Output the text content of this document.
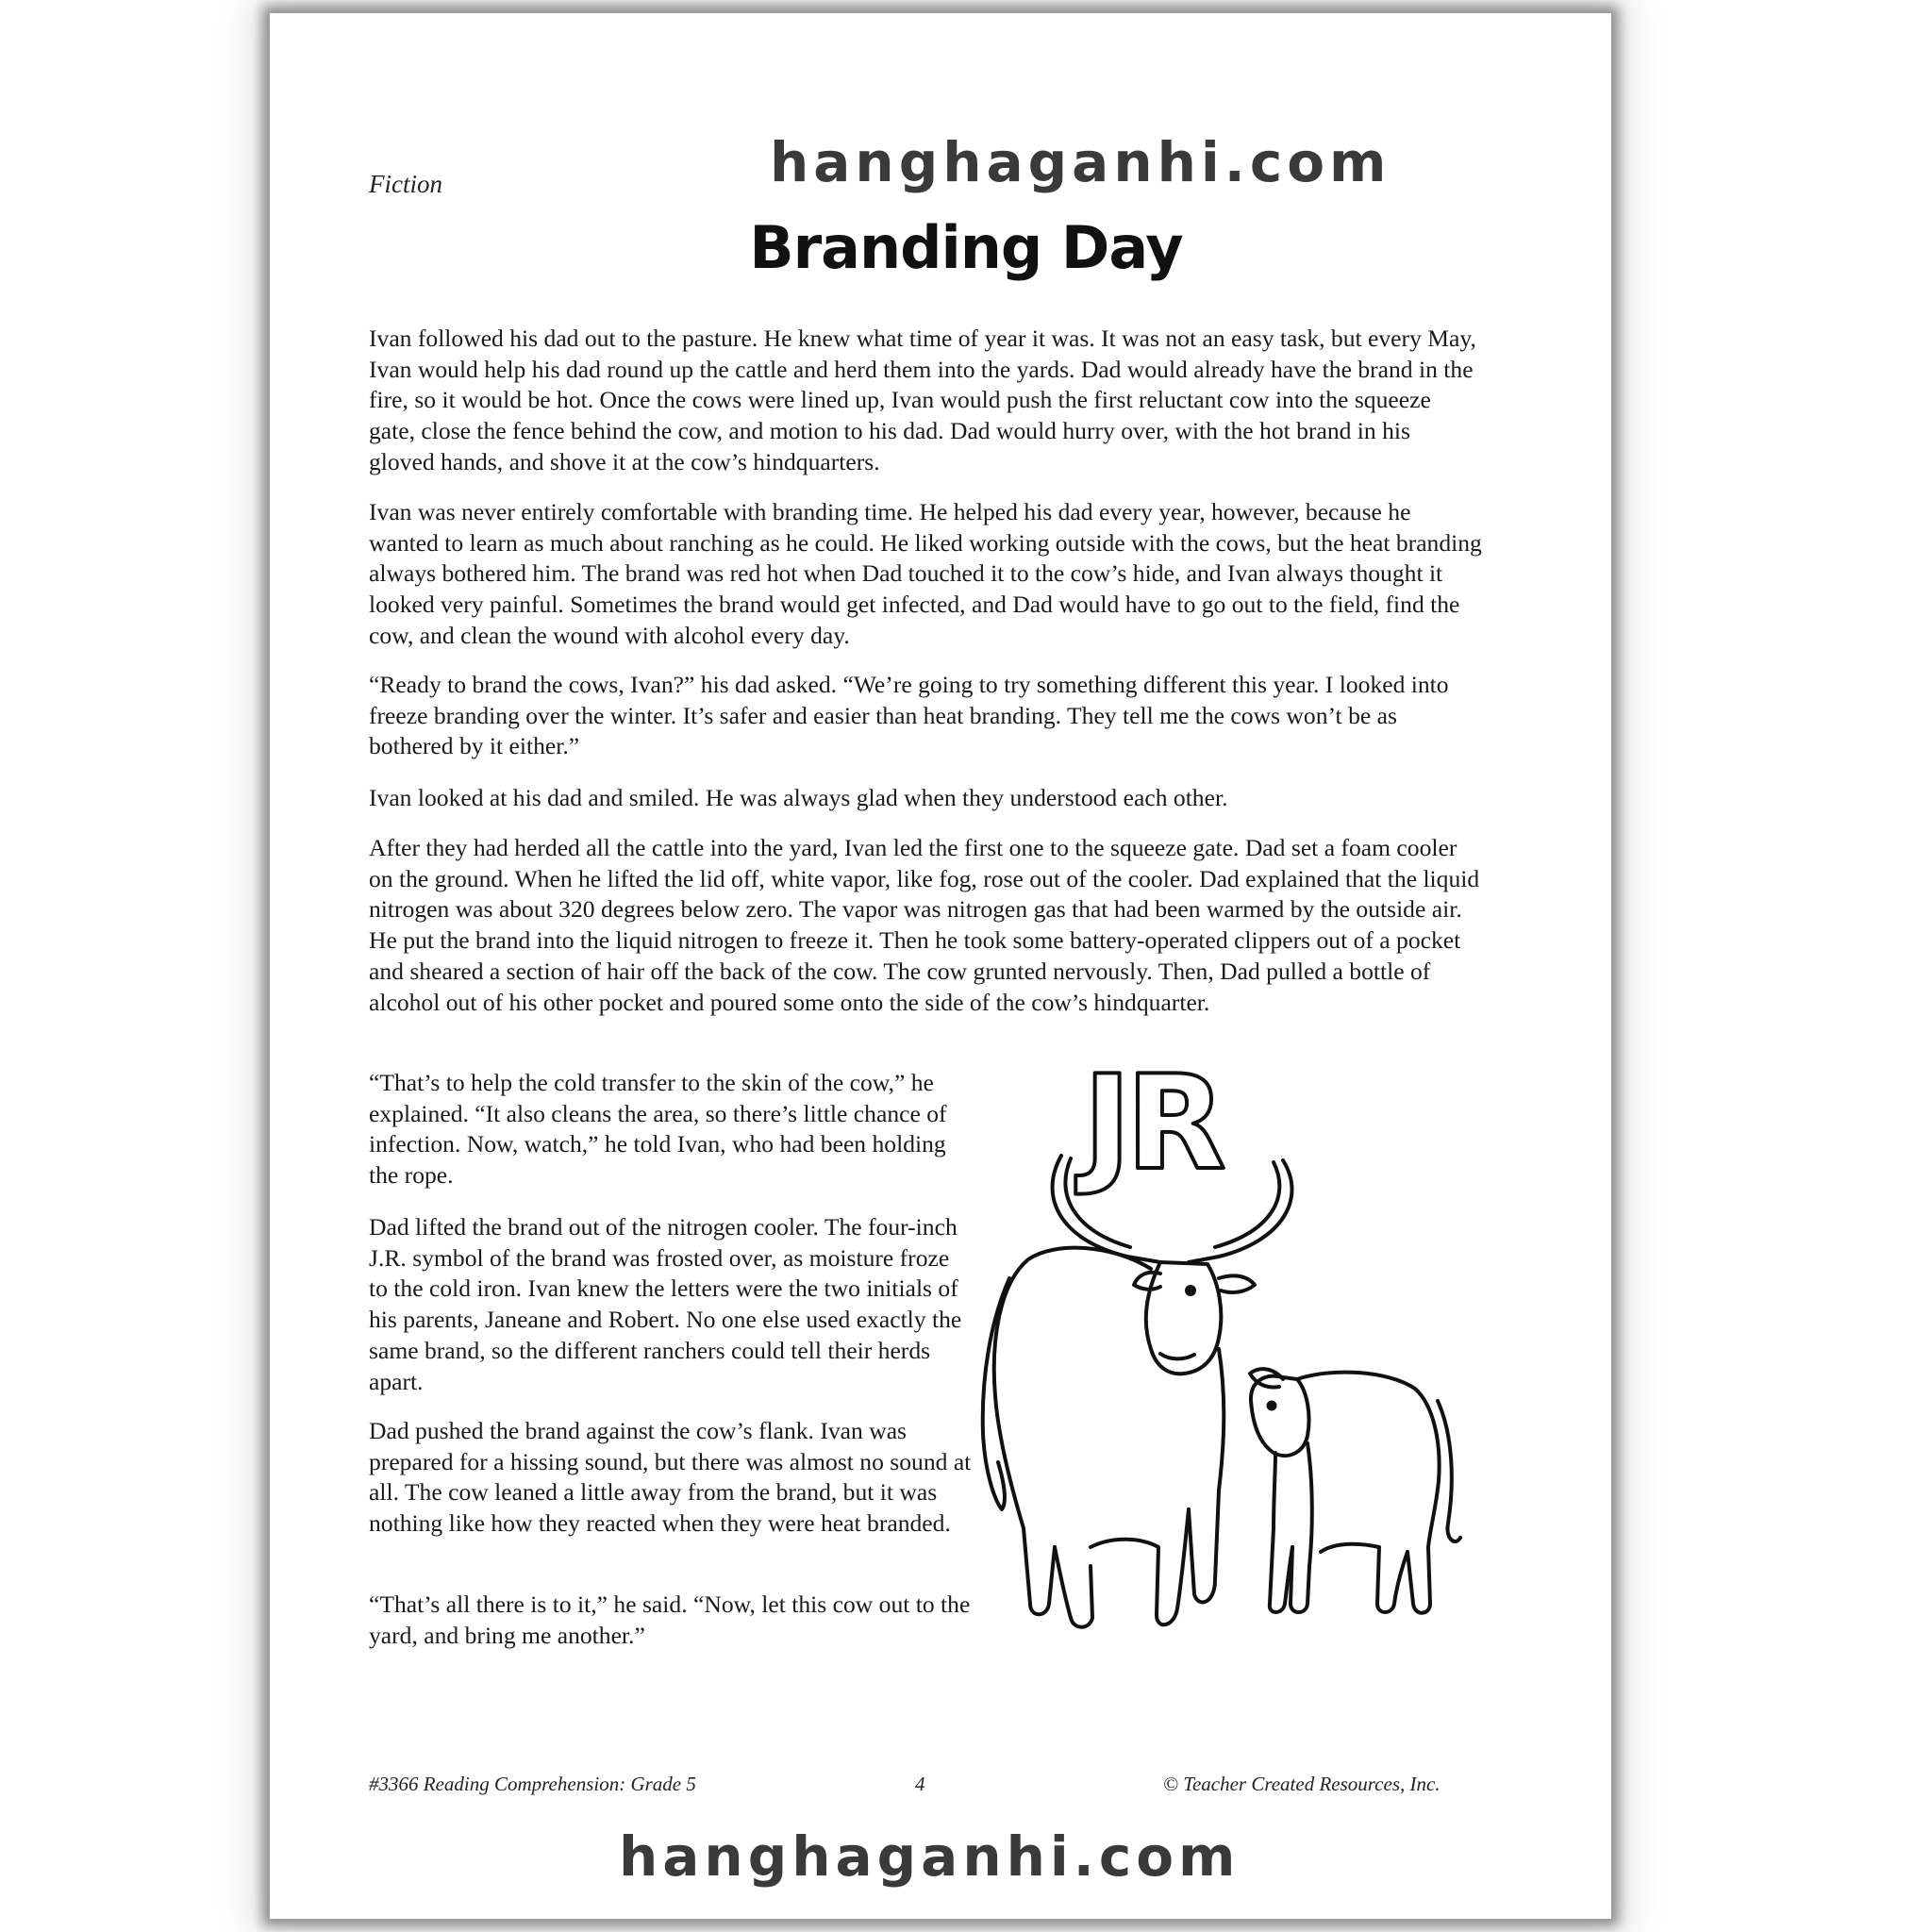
hanghaganhi.com
Fiction
Branding Day

Ivan followed his dad out to the pasture. He knew what time of year it was. It was not an easy task, but every May, Ivan would help his dad round up the cattle and herd them into the yards. Dad would already have the brand in the fire, so it would be hot. Once the cows were lined up, Ivan would push the first reluctant cow into the squeeze gate, close the fence behind the cow, and motion to his dad. Dad would hurry over, with the hot brand in his gloved hands, and shove it at the cow’s hindquarters.

Ivan was never entirely comfortable with branding time. He helped his dad every year, however, because he wanted to learn as much about ranching as he could. He liked working outside with the cows, but the heat branding always bothered him. The brand was red hot when Dad touched it to the cow’s hide, and Ivan always thought it looked very painful. Sometimes the brand would get infected, and Dad would have to go out to the field, find the cow, and clean the wound with alcohol every day.

“Ready to brand the cows, Ivan?” his dad asked. “We’re going to try something different this year. I looked into freeze branding over the winter. It’s safer and easier than heat branding. They tell me the cows won’t be as bothered by it either.”

Ivan looked at his dad and smiled. He was always glad when they understood each other.

After they had herded all the cattle into the yard, Ivan led the first one to the squeeze gate. Dad set a foam cooler on the ground. When he lifted the lid off, white vapor, like fog, rose out of the cooler. Dad explained that the liquid nitrogen was about 320 degrees below zero. The vapor was nitrogen gas that had been warmed by the outside air. He put the brand into the liquid nitrogen to freeze it. Then he took some battery-operated clippers out of a pocket and sheared a section of hair off the back of the cow. The cow grunted nervously. Then, Dad pulled a bottle of alcohol out of his other pocket and poured some onto the side of the cow’s hindquarter.

“That’s to help the cold transfer to the skin of the cow,” he explained. “It also cleans the area, so there’s little chance of infection. Now, watch,” he told Ivan, who had been holding the rope.

Dad lifted the brand out of the nitrogen cooler. The four-inch J.R. symbol of the brand was frosted over, as moisture froze to the cold iron. Ivan knew the letters were the two initials of his parents, Janeane and Robert. No one else used exactly the same brand, so the different ranchers could tell their herds apart.

Dad pushed the brand against the cow’s flank. Ivan was prepared for a hissing sound, but there was almost no sound at all. The cow leaned a little away from the brand, but it was nothing like how they reacted when they were heat branded.

“That’s all there is to it,” he said. “Now, let this cow out to the yard, and bring me another.”

JR
#3366 Reading Comprehension: Grade 5	4	© Teacher Created Resources, Inc.
hanghaganhi.com
